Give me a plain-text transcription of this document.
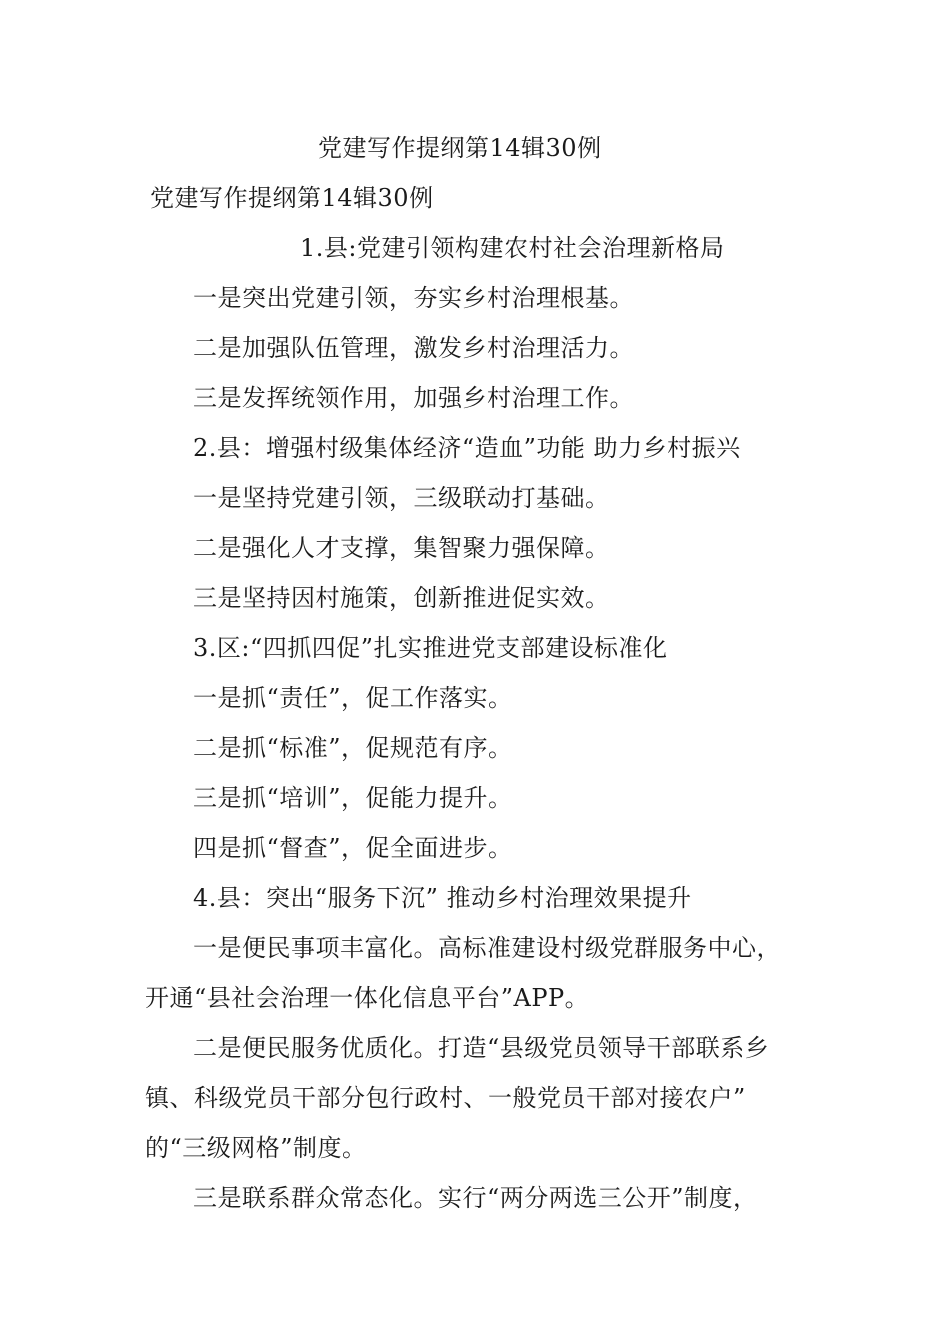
党建写作提纲第14辑30例
党建写作提纲第14辑30例
1.县:党建引领构建农村社会治理新格局
一是突出党建引领，夯实乡村治理根基。
二是加强队伍管理，激发乡村治理活力。
三是发挥统领作用，加强乡村治理工作。
2.县：增强村级集体经济“造血”功能 助力乡村振兴
一是坚持党建引领，三级联动打基础。
二是强化人才支撑，集智聚力强保障。
三是坚持因村施策，创新推进促实效。
3.区:“四抓四促”扎实推进党支部建设标准化
一是抓“责任”，促工作落实。
二是抓“标准”，促规范有序。
三是抓“培训”，促能力提升。
四是抓“督查”，促全面进步。
4.县：突出“服务下沉” 推动乡村治理效果提升
一是便民事项丰富化。高标准建设村级党群服务中心，
开通“县社会治理一体化信息平台”APP。
二是便民服务优质化。打造“县级党员领导干部联系乡
镇、科级党员干部分包行政村、一般党员干部对接农户”
的“三级网格”制度。
三是联系群众常态化。实行“两分两选三公开”制度，
